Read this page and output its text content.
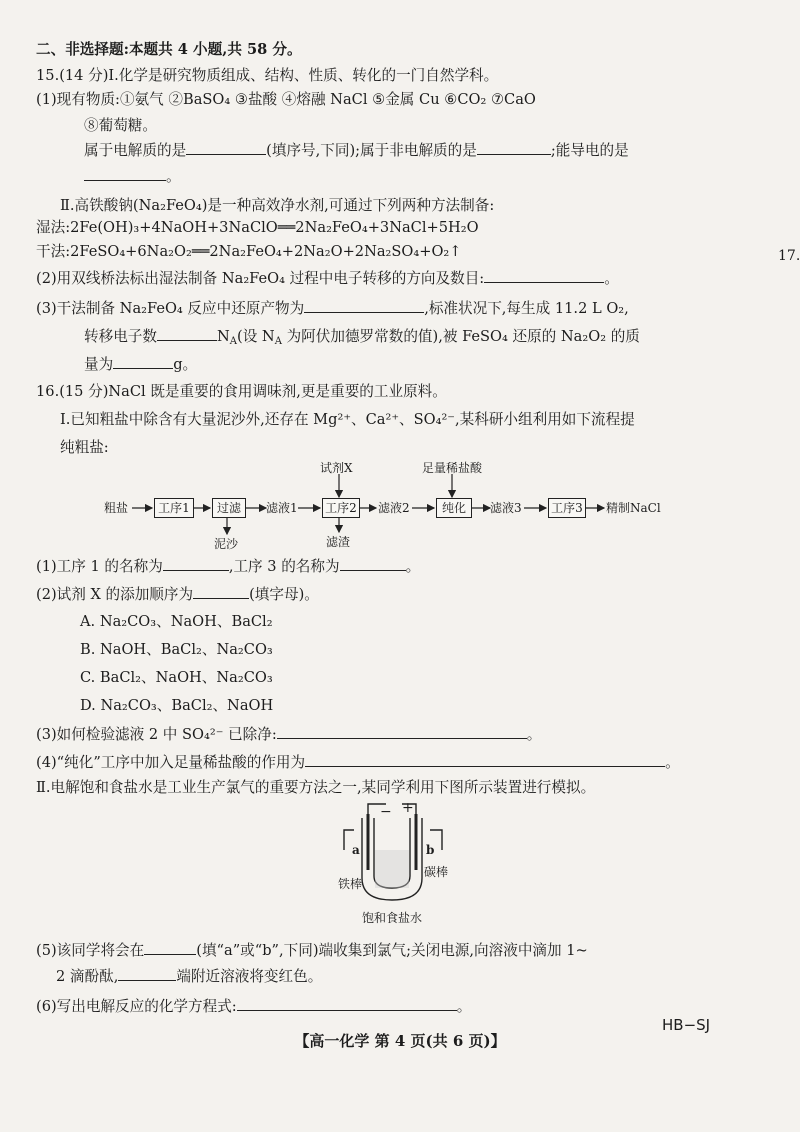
二、非选择题:本题共 4 小题,共 58 分。
15.(14 分)Ⅰ.化学是研究物质组成、结构、性质、转化的一门自然学科。
(1)现有物质:①氨气 ②BaSO₄ ③盐酸 ④熔融 NaCl ⑤金属 Cu ⑥CO₂ ⑦CaO
⑧葡萄糖。
属于电解质的是	(填序号,下同);属于非电解质的是	;能导电的是
。
Ⅱ.高铁酸钠(Na₂FeO₄)是一种高效净水剂,可通过下列两种方法制备:
湿法:2Fe(OH)₃+4NaOH+3NaClO══2Na₂FeO₄+3NaCl+5H₂O
干法:2FeSO₄+6Na₂O₂══2Na₂FeO₄+2Na₂O+2Na₂SO₄+O₂↑
(2)用双线桥法标出湿法制备 Na₂FeO₄ 过程中电子转移的方向及数目:	。
(3)干法制备 Na₂FeO₄ 反应中还原产物为	,标准状况下,每生成 11.2 L O₂,
转移电子数	$N_A$(设 $N_A$ 为阿伏加德罗常数的值),被 FeSO₄ 还原的 Na₂O₂ 的质
量为	g。
16.(15 分)NaCl 既是重要的食用调味剂,更是重要的工业原料。
Ⅰ.已知粗盐中除含有大量泥沙外,还存在 Mg²⁺、Ca²⁺、SO₄²⁻,某科研小组利用如下流程提
纯粗盐:
粗盐	工序1	过滤
泥沙
滤液1
试剂X
工序2
滤渣
滤液2
足量稀盐酸
纯化	滤液3 工序3 精制NaCl
(1)工序 1 的名称为	,工序 3 的名称为	。
(2)试剂 X 的添加顺序为	(填字母)。
A. Na₂CO₃、NaOH、BaCl₂
B. NaOH、BaCl₂、Na₂CO₃
C. BaCl₂、NaOH、Na₂CO₃
D. Na₂CO₃、BaCl₂、NaOH
(3)如何检验滤液 2 中 SO₄²⁻ 已除净:	。
(4)“纯化”工序中加入足量稀盐酸的作用为	。
Ⅱ.电解饱和食盐水是工业生产氯气的重要方法之一,某同学利用下图所示装置进行模拟。
− +
a	b
铁棒
碳棒
饱和食盐水
(5)该同学将会在	(填“a”或“b”,下同)端收集到氯气;关闭电源,向溶液中滴加 1~
2 滴酚酞,	端附近溶液将变红色。
(6)写出电解反应的化学方程式:	。
17.
【高一化学 第 4 页(共 6 页)】
HB−SJ
